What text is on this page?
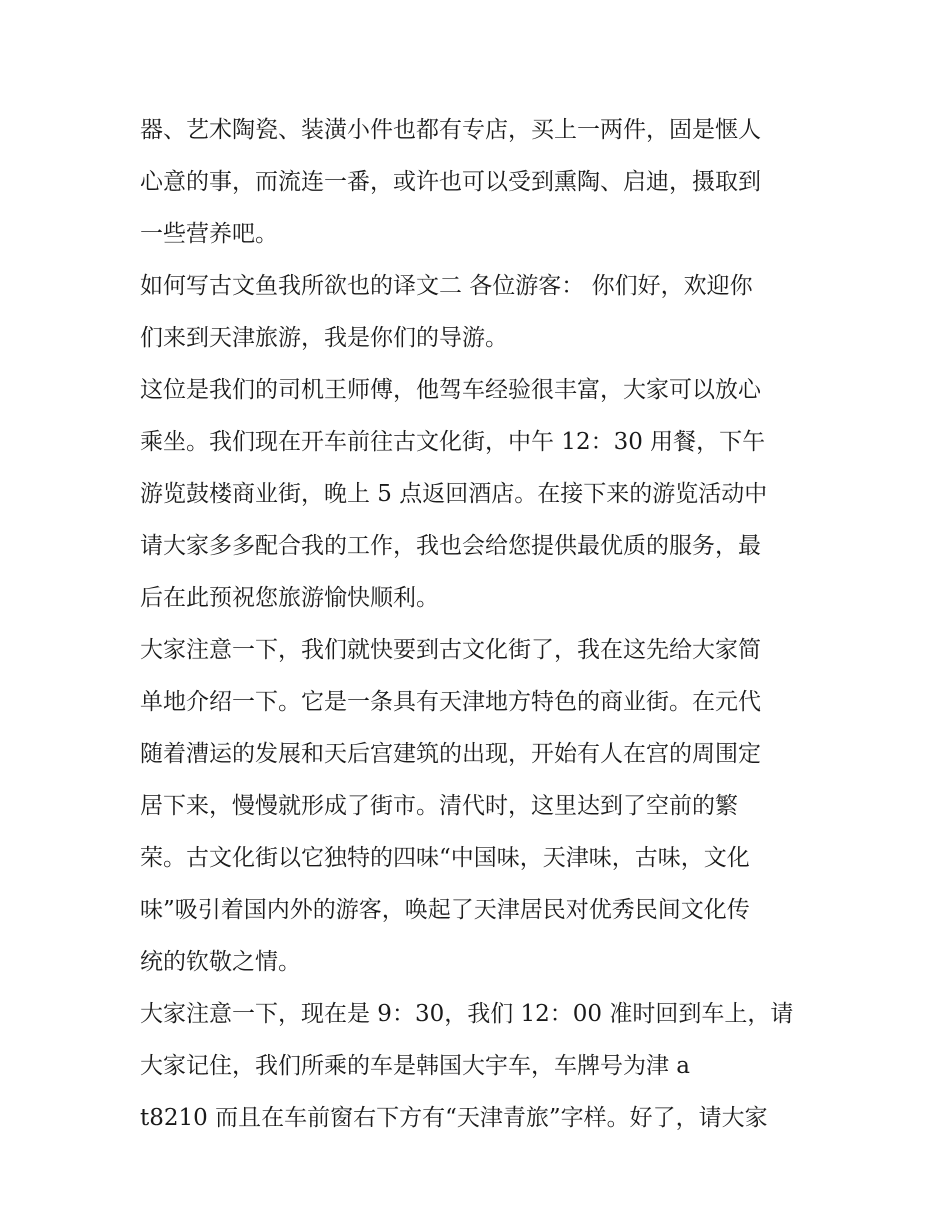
器、艺术陶瓷、装潢小件也都有专店，买上一两件，固是惬人
心意的事，而流连一番，或许也可以受到熏陶、启迪，摄取到
一些营养吧。
如何写古文鱼我所欲也的译文二 各位游客： 你们好，欢迎你
们来到天津旅游，我是你们的导游。
这位是我们的司机王师傅，他驾车经验很丰富，大家可以放心
乘坐。我们现在开车前往古文化街，中午 12：30 用餐，下午
游览鼓楼商业街，晚上 5 点返回酒店。在接下来的游览活动中
请大家多多配合我的工作，我也会给您提供最优质的服务，最
后在此预祝您旅游愉快顺利。
大家注意一下，我们就快要到古文化街了，我在这先给大家简
单地介绍一下。它是一条具有天津地方特色的商业街。在元代
随着漕运的发展和天后宫建筑的出现，开始有人在宫的周围定
居下来，慢慢就形成了街市。清代时，这里达到了空前的繁
荣。古文化街以它独特的四味“中国味，天津味，古味，文化
味”吸引着国内外的游客，唤起了天津居民对优秀民间文化传
统的钦敬之情。
大家注意一下，现在是 9：30，我们 12：00 准时回到车上，请
大家记住，我们所乘的车是韩国大宇车，车牌号为津 a
t8210 而且在车前窗右下方有“天津青旅”字样。好了，请大家
